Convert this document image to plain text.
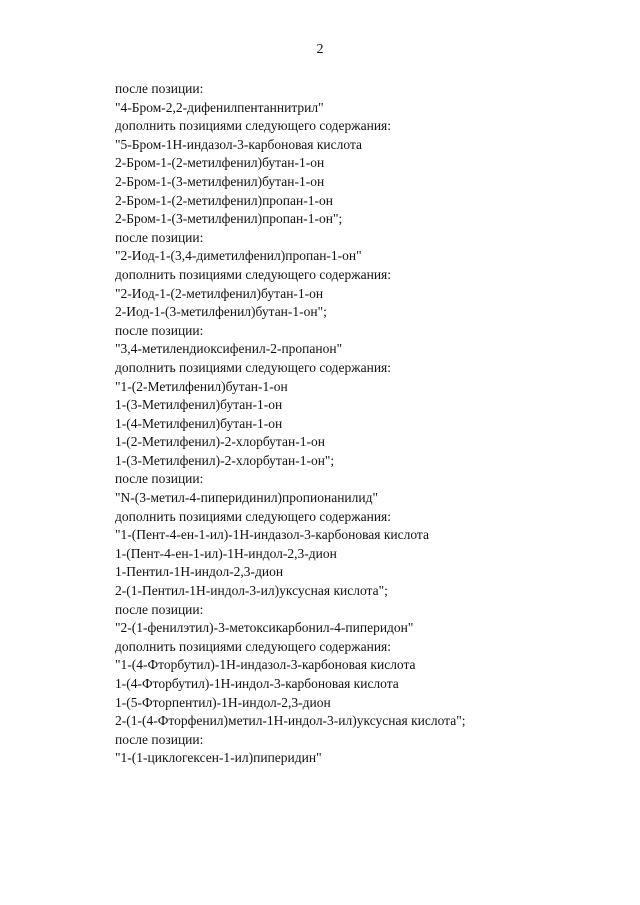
2
после позиции:
"4-Бром-2,2-дифенилпентаннитрил"
дополнить позициями следующего содержания:
"5-Бром-1Н-индазол-3-карбоновая кислота
2-Бром-1-(2-метилфенил)бутан-1-он
2-Бром-1-(3-метилфенил)бутан-1-он
2-Бром-1-(2-метилфенил)пропан-1-он
2-Бром-1-(3-метилфенил)пропан-1-он";
после позиции:
"2-Иод-1-(3,4-диметилфенил)пропан-1-он"
дополнить позициями следующего содержания:
"2-Иод-1-(2-метилфенил)бутан-1-он
2-Иод-1-(3-метилфенил)бутан-1-он";
после позиции:
"3,4-метилендиоксифенил-2-пропанон"
дополнить позициями следующего содержания:
"1-(2-Метилфенил)бутан-1-он
1-(3-Метилфенил)бутан-1-он
1-(4-Метилфенил)бутан-1-он
1-(2-Метилфенил)-2-хлорбутан-1-он
1-(3-Метилфенил)-2-хлорбутан-1-он";
после позиции:
"N-(3-метил-4-пиперидинил)пропионанилид"
дополнить позициями следующего содержания:
"1-(Пент-4-ен-1-ил)-1Н-индазол-3-карбоновая кислота
1-(Пент-4-ен-1-ил)-1Н-индол-2,3-дион
1-Пентил-1Н-индол-2,3-дион
2-(1-Пентил-1Н-индол-3-ил)уксусная кислота";
после позиции:
"2-(1-фенилэтил)-3-метоксикарбонил-4-пиперидон"
дополнить позициями следующего содержания:
"1-(4-Фторбутил)-1Н-индазол-3-карбоновая кислота
1-(4-Фторбутил)-1Н-индол-3-карбоновая кислота
1-(5-Фторпентил)-1Н-индол-2,3-дион
2-(1-(4-Фторфенил)метил-1Н-индол-3-ил)уксусная кислота";
после позиции:
"1-(1-циклогексен-1-ил)пиперидин"
